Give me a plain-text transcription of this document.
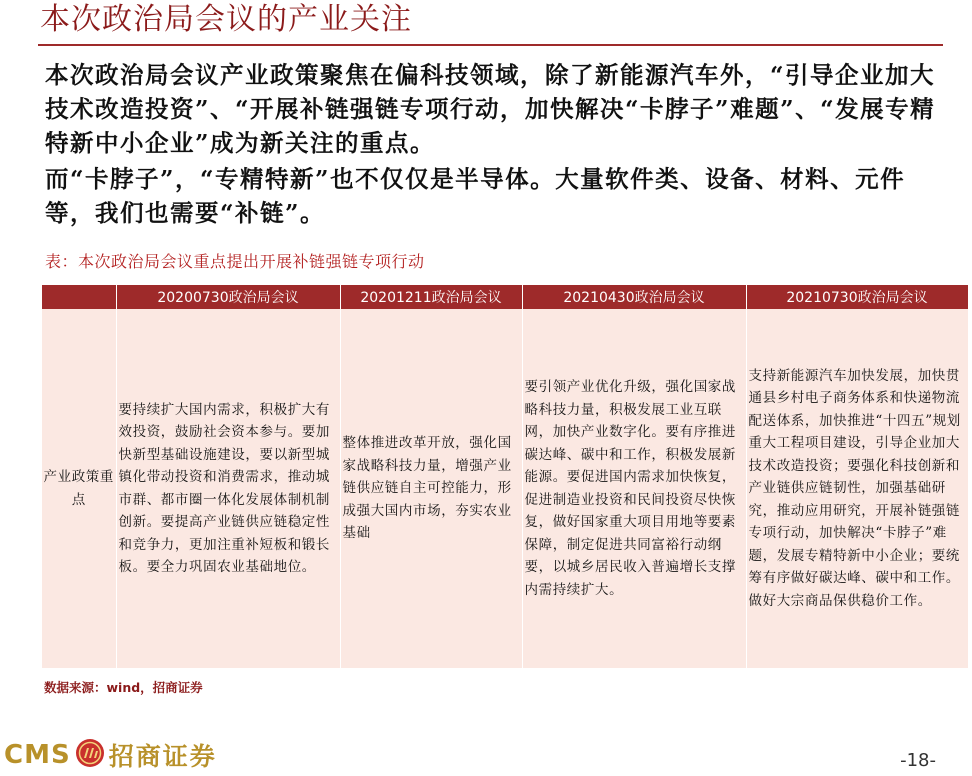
本次政治局会议的产业关注
本次政治局会议产业政策聚焦在偏科技领域，除了新能源汽车外，“引导企业加大技术改造投资”、“开展补链强链专项行动，加快解决“卡脖子”难题”、“发展专精特新中小企业”成为新关注的重点。
而“卡脖子”，“专精特新”也不仅仅是半导体。大量软件类、设备、材料、元件等，我们也需要“补链”。
表：本次政治局会议重点提出开展补链强链专项行动
	20200730政治局会议	20201211政治局会议	20210430政治局会议	20210730政治局会议
产业政策重点	要持续扩大国内需求，积极扩大有效投资，鼓励社会资本参与。要加快新型基础设施建设，要以新型城镇化带动投资和消费需求，推动城市群、都市圈一体化发展体制机制创新。要提高产业链供应链稳定性和竞争力，更加注重补短板和锻长板。要全力巩固农业基础地位。	整体推进改革开放，强化国家战略科技力量，增强产业链供应链自主可控能力，形成强大国内市场，夯实农业基础	要引领产业优化升级，强化国家战略科技力量，积极发展工业互联网，加快产业数字化。要有序推进碳达峰、碳中和工作，积极发展新能源。要促进国内需求加快恢复，促进制造业投资和民间投资尽快恢复，做好国家重大项目用地等要素保障，制定促进共同富裕行动纲要，以城乡居民收入普遍增长支撑内需持续扩大。	支持新能源汽车加快发展，加快贯通县乡村电子商务体系和快递物流配送体系，加快推进“十四五”规划重大工程项目建设，引导企业加大技术改造投资；要强化科技创新和产业链供应链韧性，加强基础研究，推动应用研究，开展补链强链专项行动，加快解决“卡脖子”难题，发展专精特新中小企业；要统筹有序做好碳达峰、碳中和工作。做好大宗商品保供稳价工作。
数据来源：wind，招商证券
CMS 招商证券	-18-
